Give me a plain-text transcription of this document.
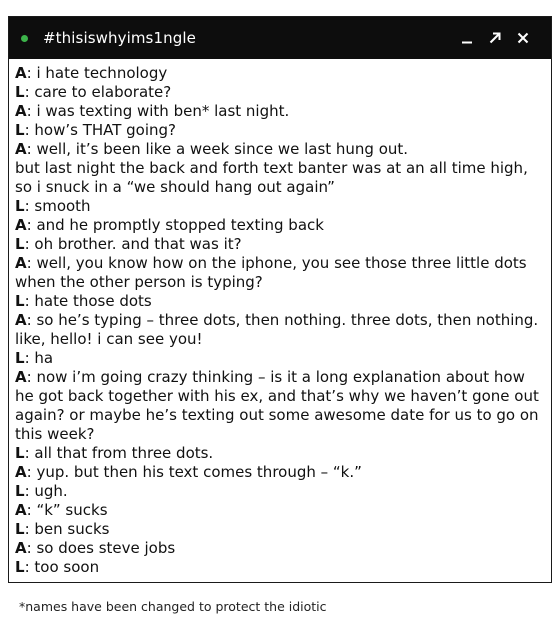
#thisiswhyims1ngle
A: i hate technology
L: care to elaborate?
A: i was texting with ben* last night.
L: how’s THAT going?
A: well, it’s been like a week since we last hung out.
but last night the back and forth text banter was at an all time high, so i snuck in a “we should hang out again”
L: smooth
A: and he promptly stopped texting back
L: oh brother. and that was it?
A: well, you know how on the iphone, you see those three little dots when the other person is typing?
L: hate those dots
A: so he’s typing – three dots, then nothing. three dots, then nothing. like, hello! i can see you!
L: ha
A: now i’m going crazy thinking – is it a long explanation about how he got back together with his ex, and that’s why we haven’t gone out again? or maybe he’s texting out some awesome date for us to go on this week?
L: all that from three dots.
A: yup. but then his text comes through – “k.”
L: ugh.
A: “k” sucks
L: ben sucks
A: so does steve jobs
L: too soon
*names have been changed to protect the idiotic
